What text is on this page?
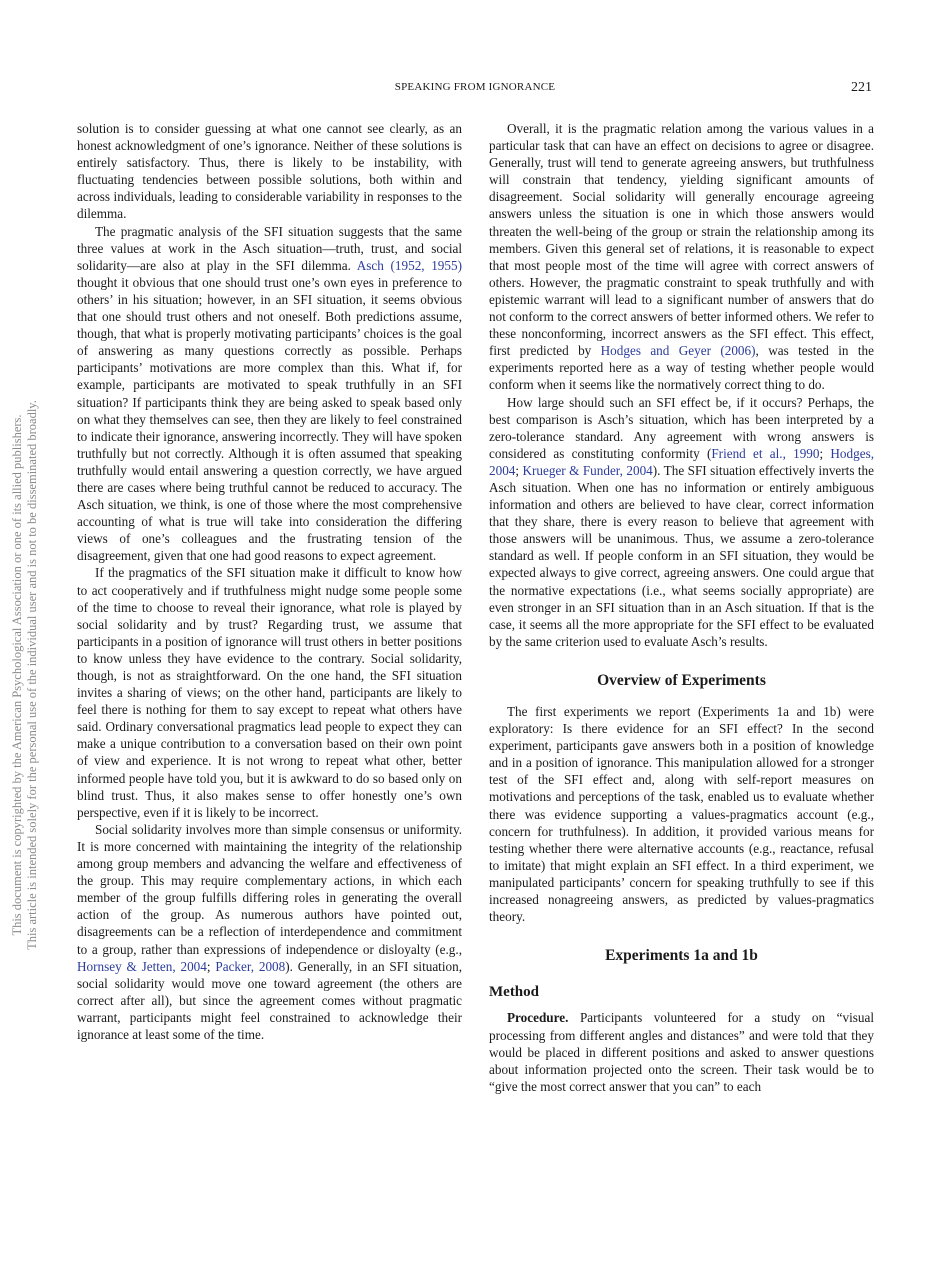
SPEAKING FROM IGNORANCE	221
This document is copyrighted by the American Psychological Association or one of its allied publishers. This article is intended solely for the personal use of the individual user and is not to be disseminated broadly.

solution is to consider guessing at what one cannot see clearly, as an honest acknowledgment of one’s ignorance. Neither of these solutions is entirely satisfactory. Thus, there is likely to be instability, with fluctuating tendencies between possible solutions, both within and across individuals, leading to considerable variability in responses to the dilemma.

The pragmatic analysis of the SFI situation suggests that the same three values at work in the Asch situation—truth, trust, and social solidarity—are also at play in the SFI dilemma. Asch (1952, 1955) thought it obvious that one should trust one’s own eyes in preference to others’ in his situation; however, in an SFI situation, it seems obvious that one should trust others and not oneself. Both predictions assume, though, that what is properly motivating participants’ choices is the goal of answering as many questions correctly as possible. Perhaps participants’ motivations are more complex than this. What if, for example, participants are motivated to speak truthfully in an SFI situation? If participants think they are being asked to speak based only on what they themselves can see, then they are likely to feel constrained to indicate their ignorance, answering incorrectly. They will have spoken truthfully but not correctly. Although it is often assumed that speaking truthfully would entail answering a question correctly, we have argued there are cases where being truthful cannot be reduced to accuracy. The Asch situation, we think, is one of those where the most comprehensive accounting of what is true will take into consideration the differing views of one’s colleagues and the frustrating tension of the disagreement, given that one had good reasons to expect agreement.

If the pragmatics of the SFI situation make it difficult to know how to act cooperatively and if truthfulness might nudge some people some of the time to choose to reveal their ignorance, what role is played by social solidarity and by trust? Regarding trust, we assume that participants in a position of ignorance will trust others in better positions to know unless they have evidence to the contrary. Social solidarity, though, is not as straightforward. On the one hand, the SFI situation invites a sharing of views; on the other hand, participants are likely to feel there is nothing for them to say except to repeat what others have said. Ordinary conversational pragmatics lead people to expect they can make a unique contribution to a conversation based on their own point of view and experience. It is not wrong to repeat what other, better informed people have told you, but it is awkward to do so based only on blind trust. Thus, it also makes sense to offer honestly one’s own perspective, even if it is likely to be incorrect.

Social solidarity involves more than simple consensus or uniformity. It is more concerned with maintaining the integrity of the relationship among group members and advancing the welfare and effectiveness of the group. This may require complementary actions, in which each member of the group fulfills differing roles in generating the overall action of the group. As numerous authors have pointed out, disagreements can be a reflection of interdependence and commitment to a group, rather than expressions of independence or disloyalty (e.g., Hornsey & Jetten, 2004; Packer, 2008). Generally, in an SFI situation, social solidarity would move one toward agreement (the others are correct after all), but since the agreement comes without pragmatic warrant, participants might feel constrained to acknowledge their ignorance at least some of the time.

Overall, it is the pragmatic relation among the various values in a particular task that can have an effect on decisions to agree or disagree. Generally, trust will tend to generate agreeing answers, but truthfulness will constrain that tendency, yielding significant amounts of disagreement. Social solidarity will generally encourage agreeing answers unless the situation is one in which those answers would threaten the well-being of the group or strain the relationship among its members. Given this general set of relations, it is reasonable to expect that most people most of the time will agree with correct answers of others. However, the pragmatic constraint to speak truthfully and with epistemic warrant will lead to a significant number of answers that do not conform to the correct answers of better informed others. We refer to these nonconforming, incorrect answers as the SFI effect. This effect, first predicted by Hodges and Geyer (2006), was tested in the experiments reported here as a way of testing whether people would conform when it seems like the normatively correct thing to do.

How large should such an SFI effect be, if it occurs? Perhaps, the best comparison is Asch’s situation, which has been interpreted by a zero-tolerance standard. Any agreement with wrong answers is considered as constituting conformity (Friend et al., 1990; Hodges, 2004; Krueger & Funder, 2004). The SFI situation effectively inverts the Asch situation. When one has no information or entirely ambiguous information and others are believed to have clear, correct information that they share, there is every reason to believe that agreement with those answers will be unanimous. Thus, we assume a zero-tolerance standard as well. If people conform in an SFI situation, they would be expected always to give correct, agreeing answers. One could argue that the normative expectations (i.e., what seems socially appropriate) are even stronger in an SFI situation than in an Asch situation. If that is the case, it seems all the more appropriate for the SFI effect to be evaluated by the same criterion used to evaluate Asch’s results.

Overview of Experiments

The first experiments we report (Experiments 1a and 1b) were exploratory: Is there evidence for an SFI effect? In the second experiment, participants gave answers both in a position of knowledge and in a position of ignorance. This manipulation allowed for a stronger test of the SFI effect and, along with self-report measures on motivations and perceptions of the task, enabled us to evaluate whether there was evidence supporting a values-pragmatics account (e.g., concern for truthfulness). In addition, it provided various means for testing whether there were alternative accounts (e.g., reactance, refusal to imitate) that might explain an SFI effect. In a third experiment, we manipulated participants’ concern for speaking truthfully to see if this increased nonagreeing answers, as predicted by values-pragmatics theory.

Experiments 1a and 1b
Method

Procedure. Participants volunteered for a study on “visual processing from different angles and distances” and were told that they would be placed in different positions and asked to answer questions about information projected onto the screen. Their task would be to “give the most correct answer that you can” to each
